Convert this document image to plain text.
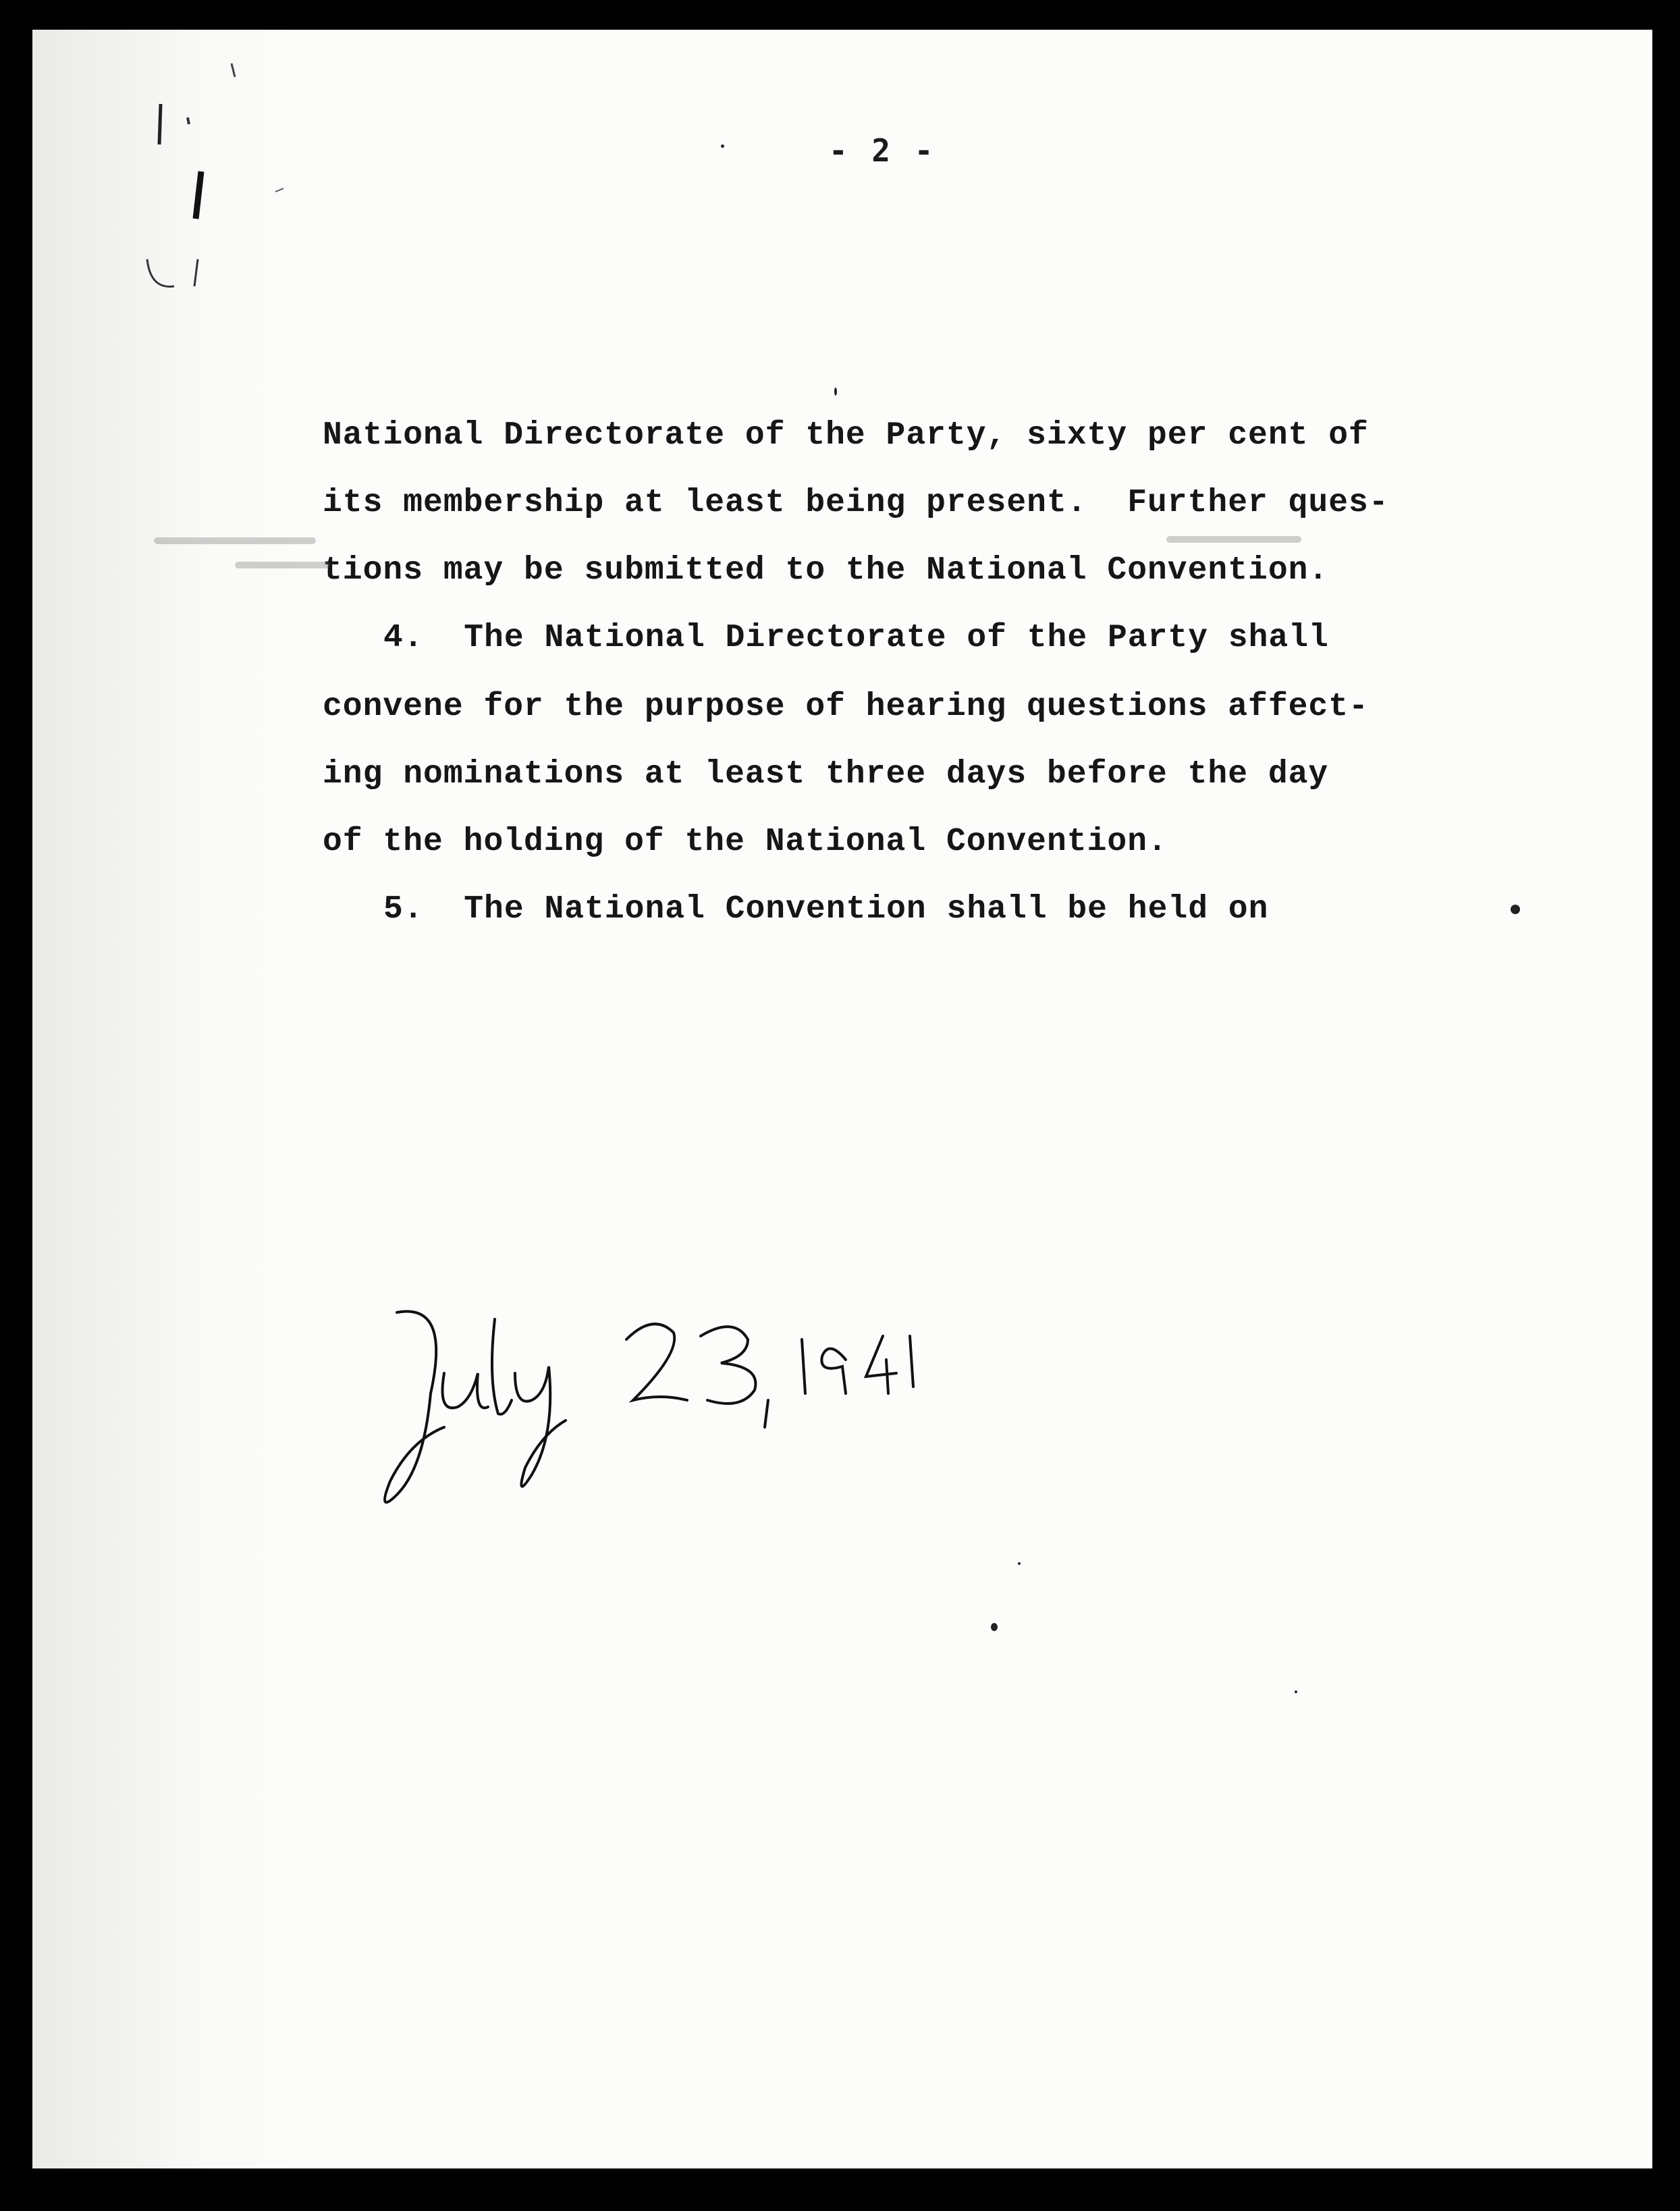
- 2 -
National Directorate of the Party, sixty per cent of
its membership at least being present.  Further ques-
tions may be submitted to the National Convention.
4.  The National Directorate of the Party shall
convene for the purpose of hearing questions affect-
ing nominations at least three days before the day
of the holding of the National Convention.
5.  The National Convention shall be held on
